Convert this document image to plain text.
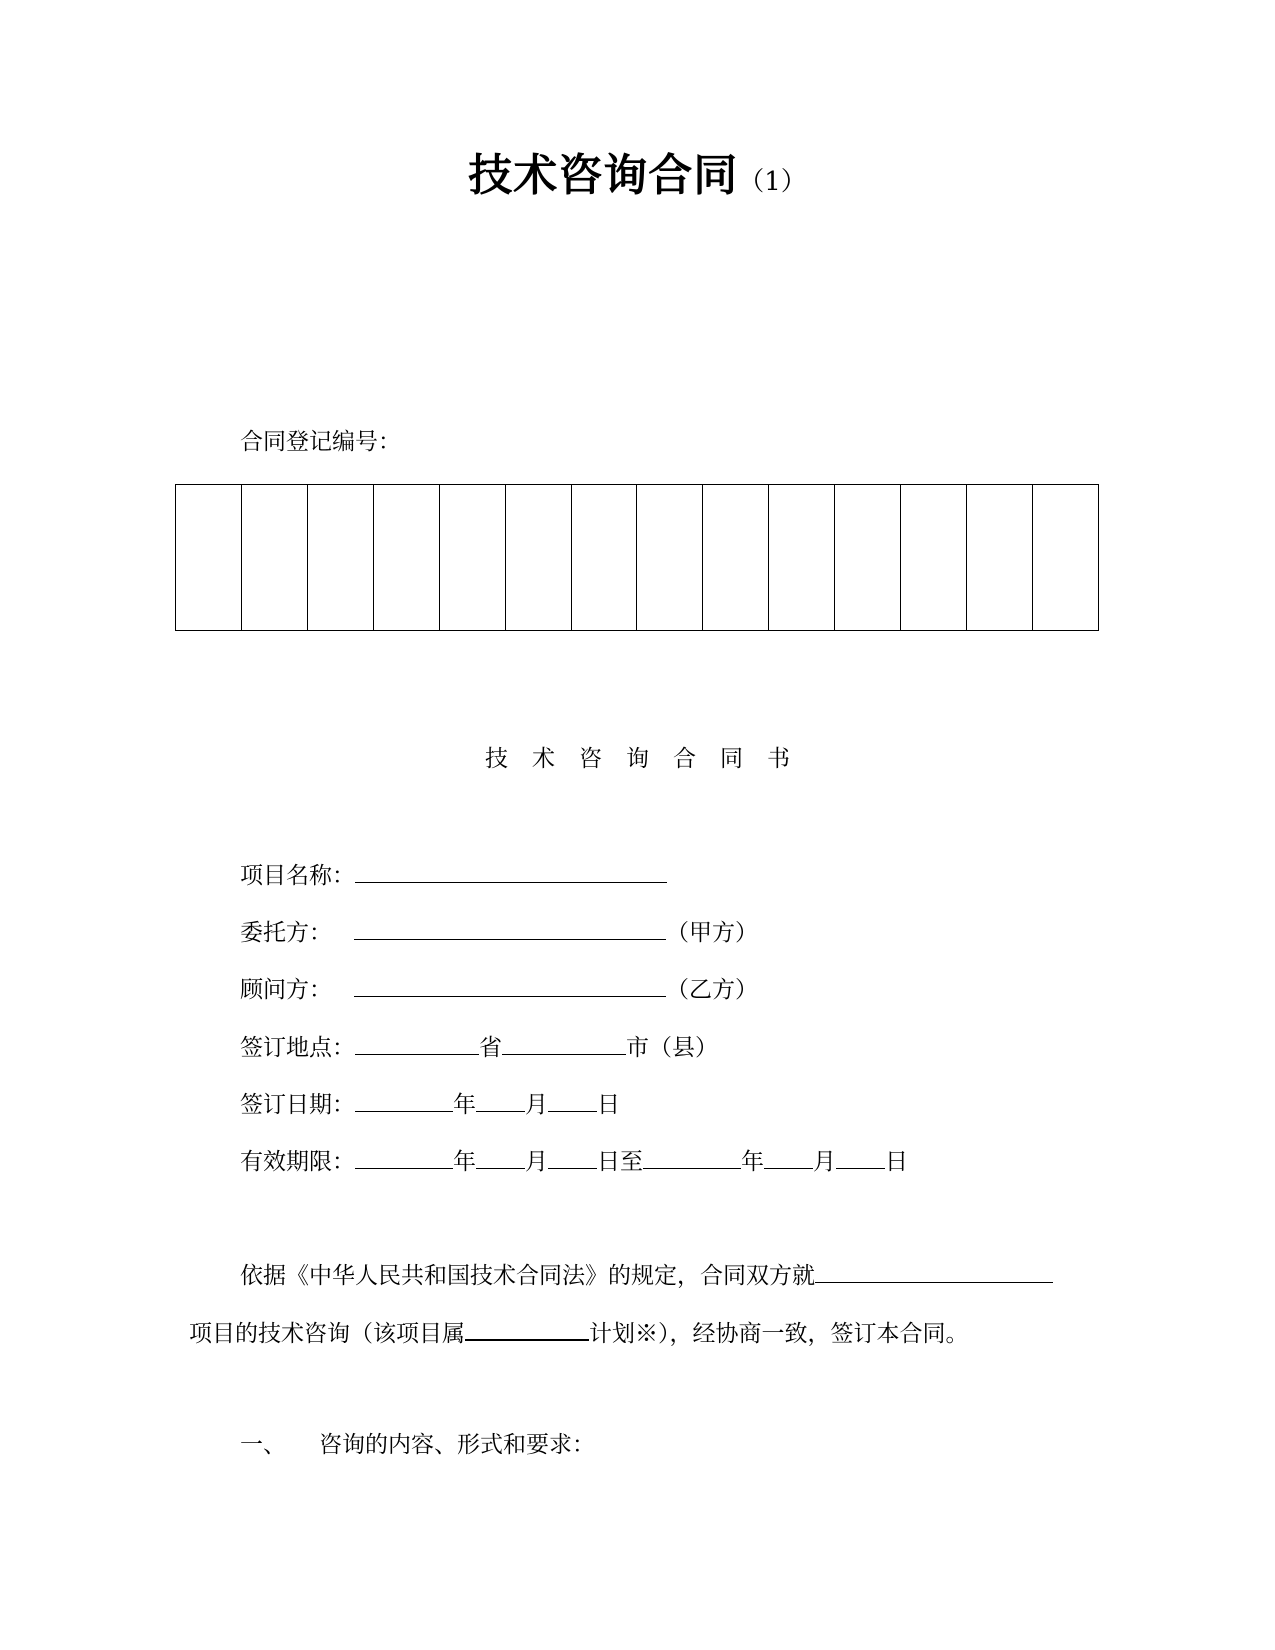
技术咨询合同（1）
合同登记编号：
技术咨询合同书
项目名称：
委托方：	（甲方）
顾问方：	（乙方）
签订地点：	省	市（县）
签订日期：	年 月 日
有效期限：	年 月 日至	年 月 日
依据《中华人民共和国技术合同法》的规定，合同双方就
项目的技术咨询（该项目属	计划※），经协商一致，签订本合同。
一、 咨询的内容、形式和要求：
